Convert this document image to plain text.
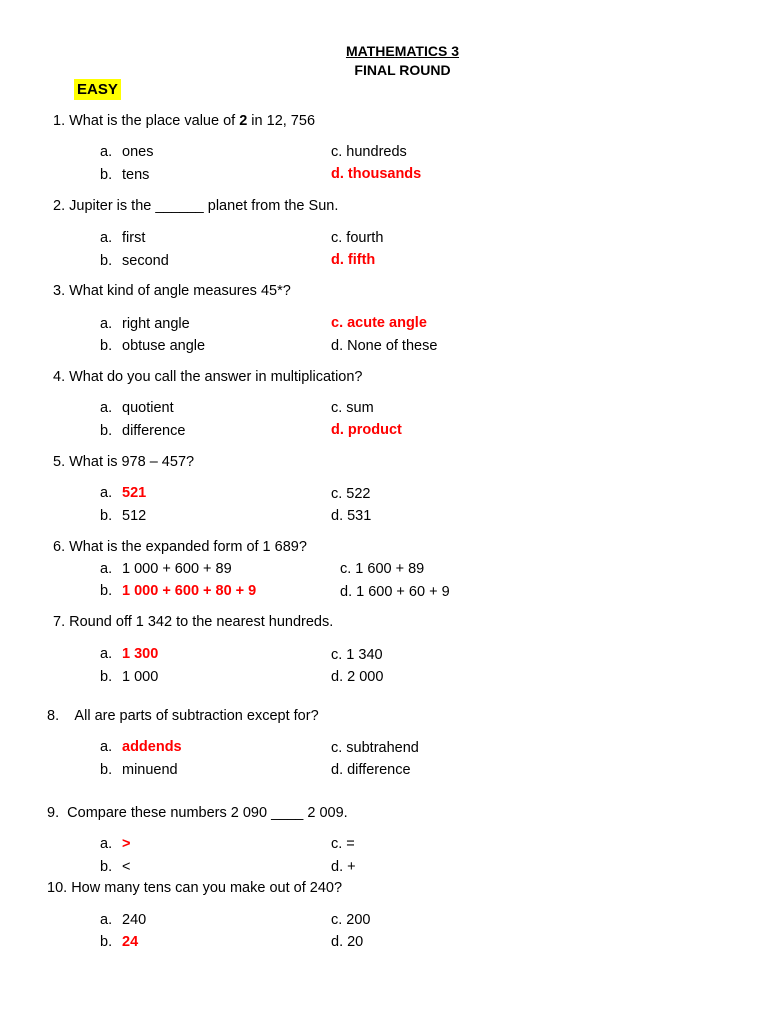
MATHEMATICS 3
FINAL ROUND
EASY
1. What is the place value of 2 in 12, 756
a. ones	c. hundreds
b. tens	d. thousands
2. Jupiter is the ______ planet from the Sun.
a. first	c. fourth
b. second	d. fifth
3. What kind of angle measures 45*?
a. right angle	c. acute angle
b. obtuse angle	d. None of these
4. What do you call the answer in multiplication?
a. quotient	c. sum
b. difference	d. product
5. What is 978 – 457?
a. 521	c. 522
b. 512	d. 531
6. What is the expanded form of 1 689?
a. 1 000 + 600 + 89	c. 1 600 + 89
b. 1 000 + 600 + 80 + 9	d. 1 600 + 60 + 9
7. Round off 1 342 to the nearest hundreds.
a. 1 300	c. 1 340
b. 1 000	d. 2 000
8. All are parts of subtraction except for?
a. addends	c. subtrahend
b. minuend	d. difference
9. Compare these numbers 2 090 ____ 2 009.
a. >	c. =
b. <	d. +
10. How many tens can you make out of 240?
a. 240	c. 200
b. 24	d. 20
